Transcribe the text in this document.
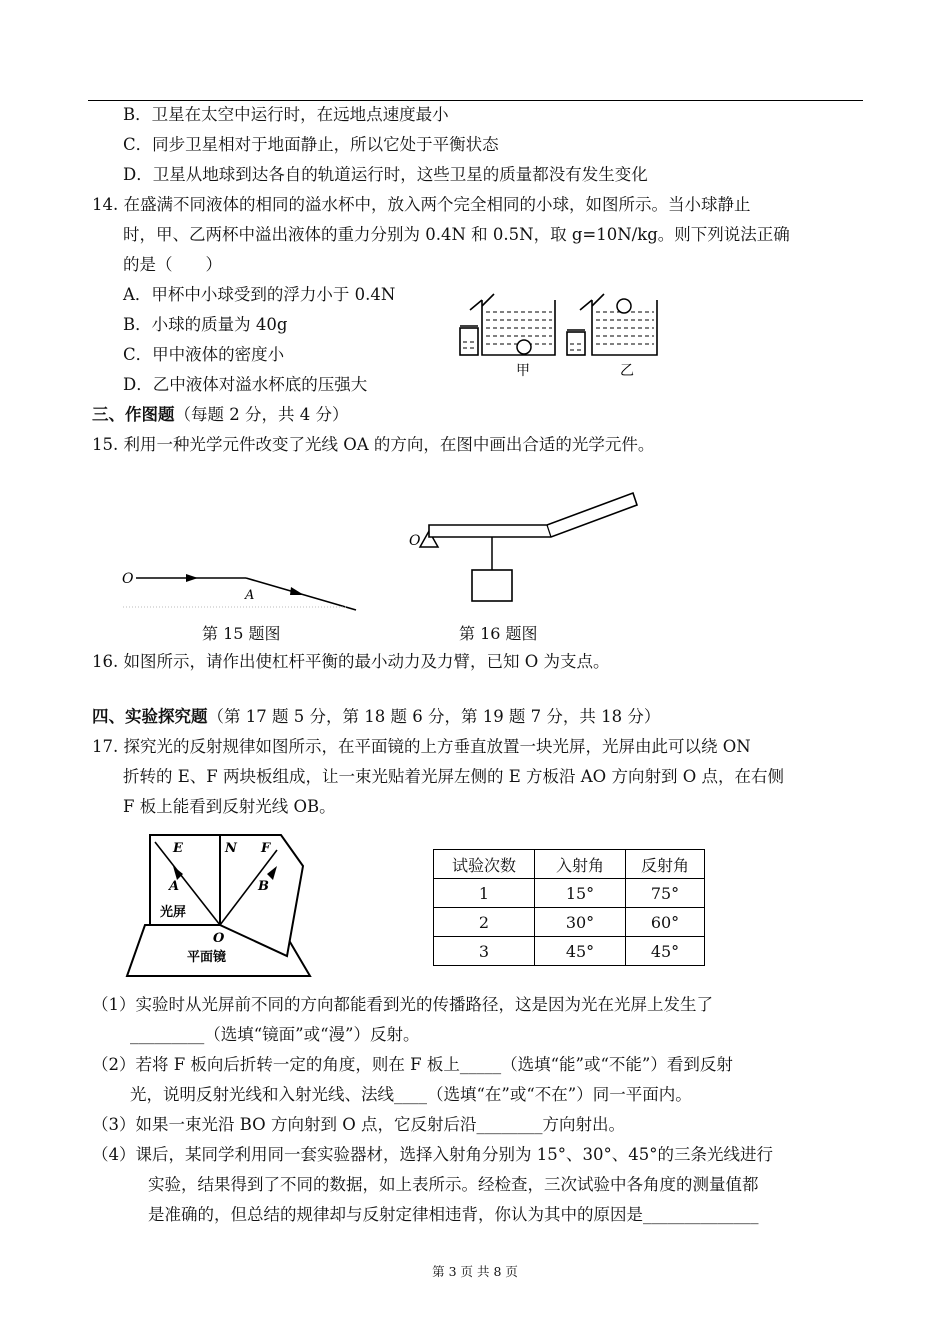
B．卫星在太空中运行时，在远地点速度最小
C．同步卫星相对于地面静止，所以它处于平衡状态
D．卫星从地球到达各自的轨道运行时，这些卫星的质量都没有发生变化
14. 在盛满不同液体的相同的溢水杯中，放入两个完全相同的小球，如图所示。当小球静止
时，甲、乙两杯中溢出液体的重力分别为 0.4N 和 0.5N，取 g=10N/kg。则下列说法正确
的是（　　）
A．甲杯中小球受到的浮力小于 0.4N
B．小球的质量为 40g
C．甲中液体的密度小
D．乙中液体对溢水杯底的压强大
甲	乙
三、作图题（每题 2 分，共 4 分）
15. 利用一种光学元件改变了光线 OA 的方向，在图中画出合适的光学元件。
O
A
第 15 题图
O
第 16 题图
16. 如图所示，请作出使杠杆平衡的最小动力及力臂，已知 O 为支点。
四、实验探究题（第 17 题 5 分，第 18 题 6 分，第 19 题 7 分，共 18 分）
17. 探究光的反射规律如图所示，在平面镜的上方垂直放置一块光屏，光屏由此可以绕 ON
折转的 E、F 两块板组成，让一束光贴着光屏左侧的 E 方板沿 AO 方向射到 O 点，在右侧
F 板上能看到反射光线 OB。
E	N F
A	B
O
光屏
平面镜
试验次数	入射角	反射角
1	15°	75°
2	30°	60°
3	45°	45°
（1）实验时从光屏前不同的方向都能看到光的传播路径，这是因为光在光屏上发生了
_________（选填“镜面”或“漫”）反射。
（2）若将 F 板向后折转一定的角度，则在 F 板上_____（选填“能”或“不能”）看到反射
光，说明反射光线和入射光线、法线____（选填“在”或“不在”）同一平面内。
（3）如果一束光沿 BO 方向射到 O 点，它反射后沿________方向射出。
（4）课后，某同学利用同一套实验器材，选择入射角分别为 15°、30°、45°的三条光线进行
实验，结果得到了不同的数据，如上表所示。经检查，三次试验中各角度的测量值都
是准确的，但总结的规律却与反射定律相违背，你认为其中的原因是______________
第 3 页 共 8 页
